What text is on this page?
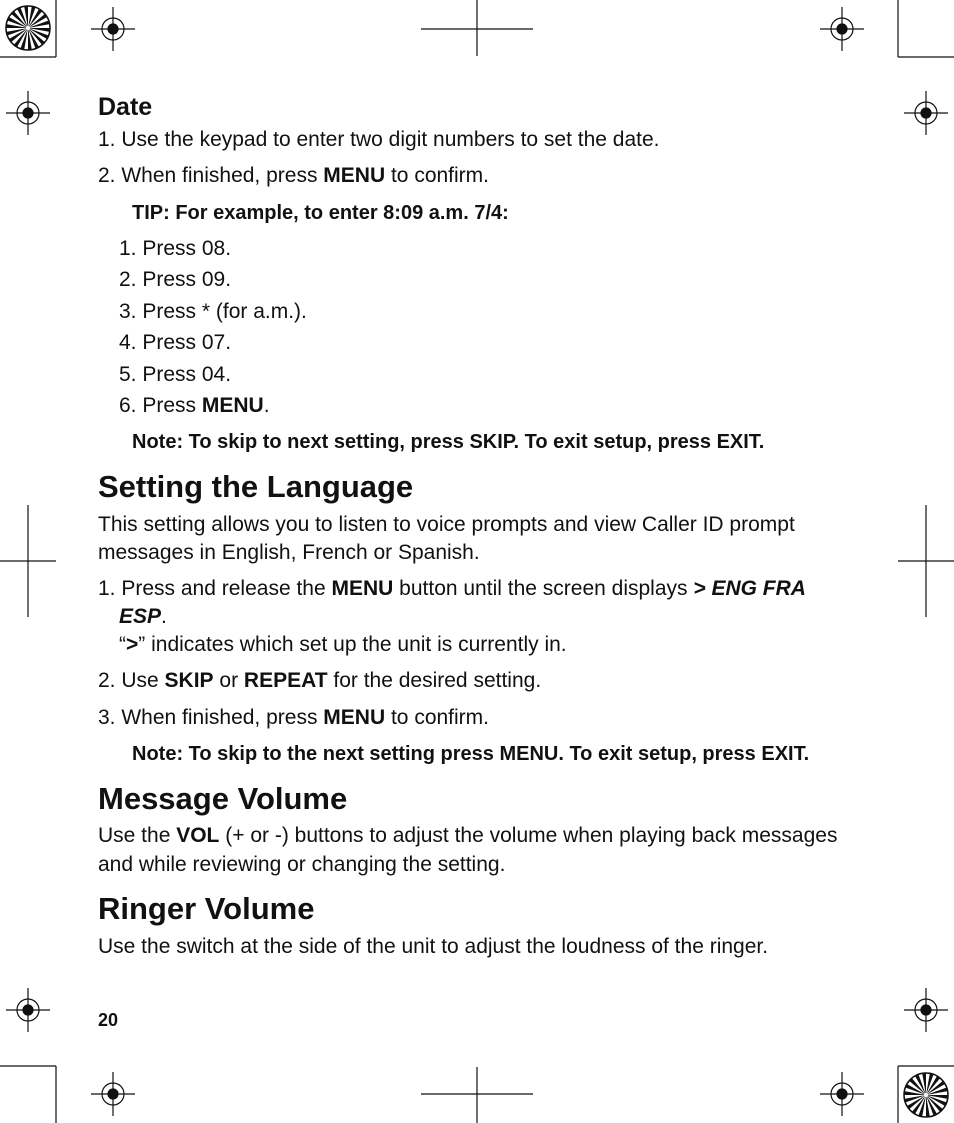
Date
1. Use the keypad to enter two digit numbers to set the date.
2. When finished, press MENU to confirm.
TIP: For example, to enter 8:09 a.m. 7/4:
1. Press 08.
2. Press 09.
3. Press * (for a.m.).
4. Press 07.
5. Press 04.
6. Press MENU.
Note: To skip to next setting, press SKIP. To exit setup, press EXIT.
Setting the Language
This setting allows you to listen to voice prompts and view Caller ID prompt
messages in English, French or Spanish.
1. Press and release the MENU button until the screen displays > ENG FRA
ESP.
“>” indicates which set up the unit is currently in.
2. Use SKIP or REPEAT for the desired setting.
3. When finished, press MENU to confirm.
Note: To skip to the next setting press MENU. To exit setup, press EXIT.
Message Volume
Use the VOL (+ or -) buttons to adjust the volume when playing back messages
and while reviewing or changing the setting.
Ringer Volume
Use the switch at the side of the unit to adjust the loudness of the ringer.
20
